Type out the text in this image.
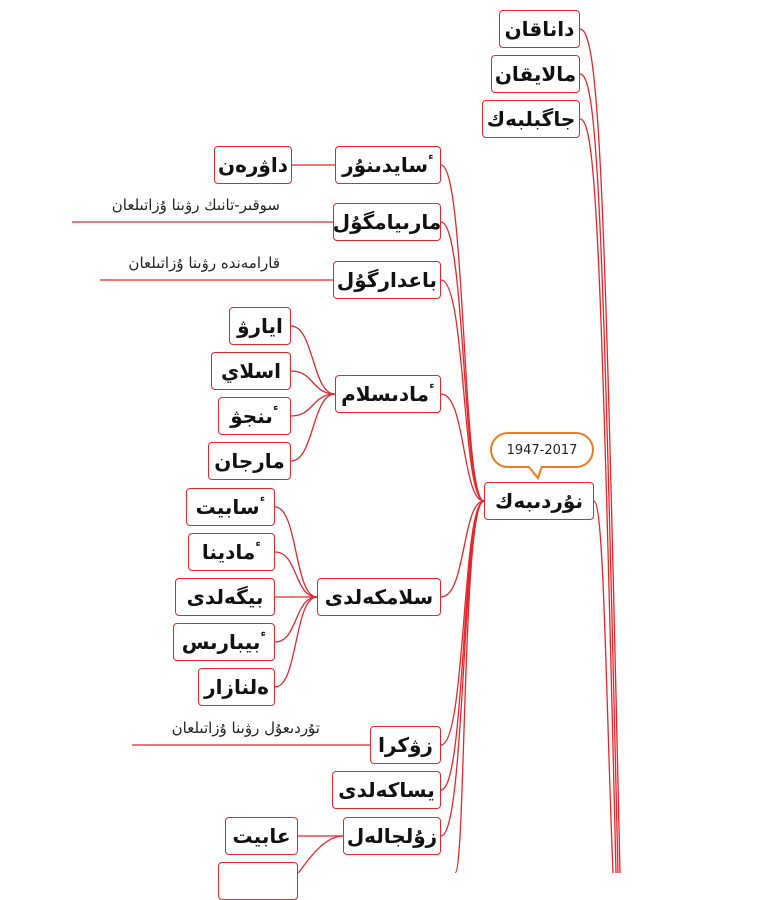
داناقان
مالايقان
جاگبلبەك
1947-2017
نۇردىبەك
ٴسايدىنۇر
مارىيامگۇل
باعدارگۇل
ٴمادىسلام
سلامكەلدى
زۋكرا
يساكەلدى
زۇلجالەل
سوقىر-تانىك رۋىنا ۇزاتىلعان
قارامەندە رۋىنا ۇزاتىلعان
تۇردىعۇل رۋىنا ۇزاتىلعان
داۋرەن
ايارۋ
اسلاي
ٴىنجۋ
مارجان
ٴسابيت
ٴمادينا
بيگەلدى
ٴبيبارىس
ەلنازار
عابيت
